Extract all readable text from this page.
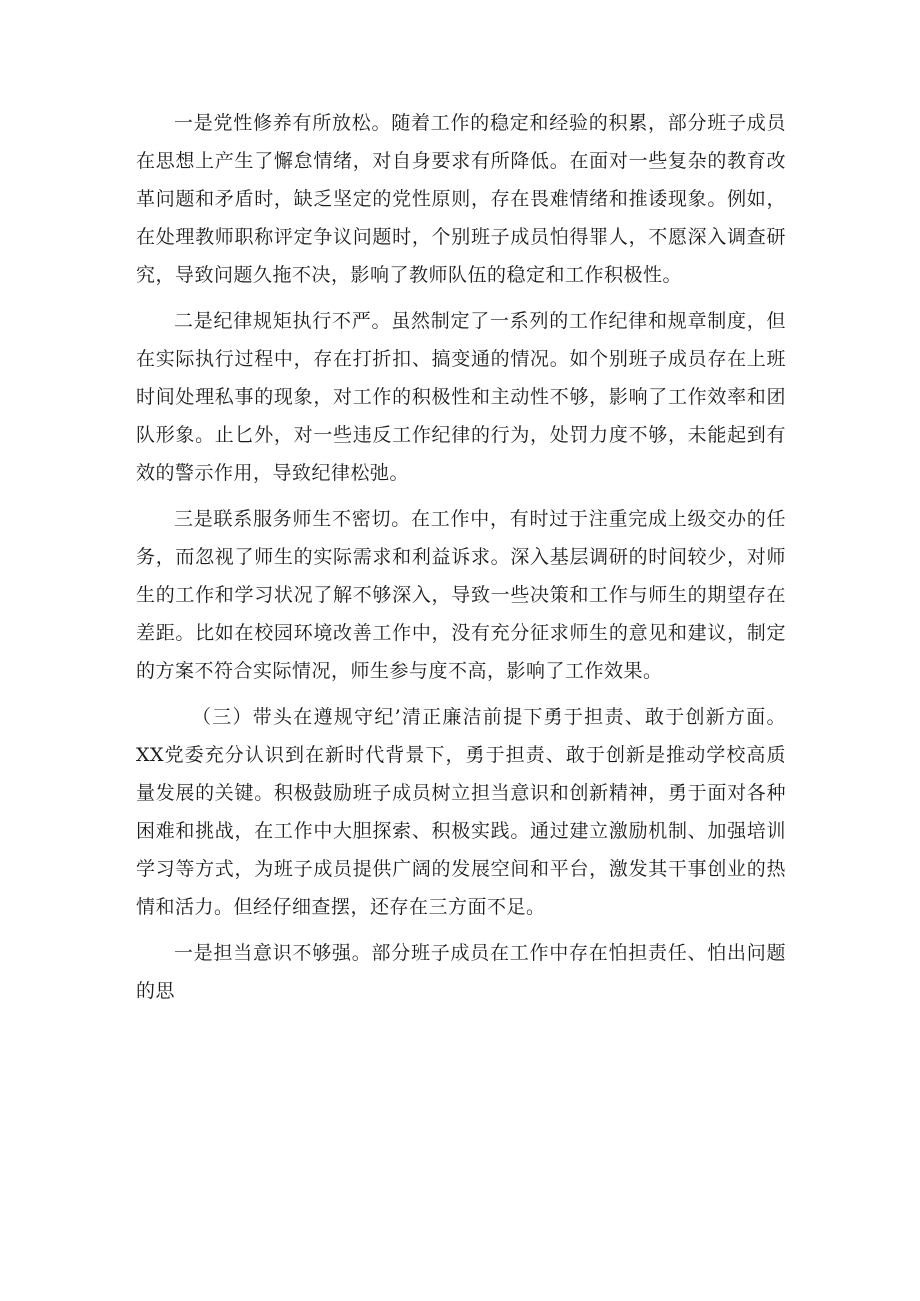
一是党性修养有所放松。随着工作的稳定和经验的积累，部分班子成员在思想上产生了懈怠情绪，对自身要求有所降低。在面对一些复杂的教育改革问题和矛盾时，缺乏坚定的党性原则，存在畏难情绪和推诿现象。例如，在处理教师职称评定争议问题时，个别班子成员怕得罪人，不愿深入调查研究，导致问题久拖不决，影响了教师队伍的稳定和工作积极性。

二是纪律规矩执行不严。虽然制定了一系列的工作纪律和规章制度，但在实际执行过程中，存在打折扣、搞变通的情况。如个别班子成员存在上班时间处理私事的现象，对工作的积极性和主动性不够，影响了工作效率和团队形象。止匕外，对一些违反工作纪律的行为，处罚力度不够，未能起到有效的警示作用，导致纪律松弛。

三是联系服务师生不密切。在工作中，有时过于注重完成上级交办的任务，而忽视了师生的实际需求和利益诉求。深入基层调研的时间较少，对师生的工作和学习状况了解不够深入，导致一些决策和工作与师生的期望存在差距。比如在校园环境改善工作中，没有充分征求师生的意见和建议，制定的方案不符合实际情况，师生参与度不高，影响了工作效果。

（三）带头在遵规守纪’清正廉洁前提下勇于担责、敢于创新方面。XX党委充分认识到在新时代背景下，勇于担责、敢于创新是推动学校高质量发展的关键。积极鼓励班子成员树立担当意识和创新精神，勇于面对各种困难和挑战，在工作中大胆探索、积极实践。通过建立激励机制、加强培训学习等方式，为班子成员提供广阔的发展空间和平台，激发其干事创业的热情和活力。但经仔细查摆，还存在三方面不足。

一是担当意识不够强。部分班子成员在工作中存在怕担责任、怕出问题的思
